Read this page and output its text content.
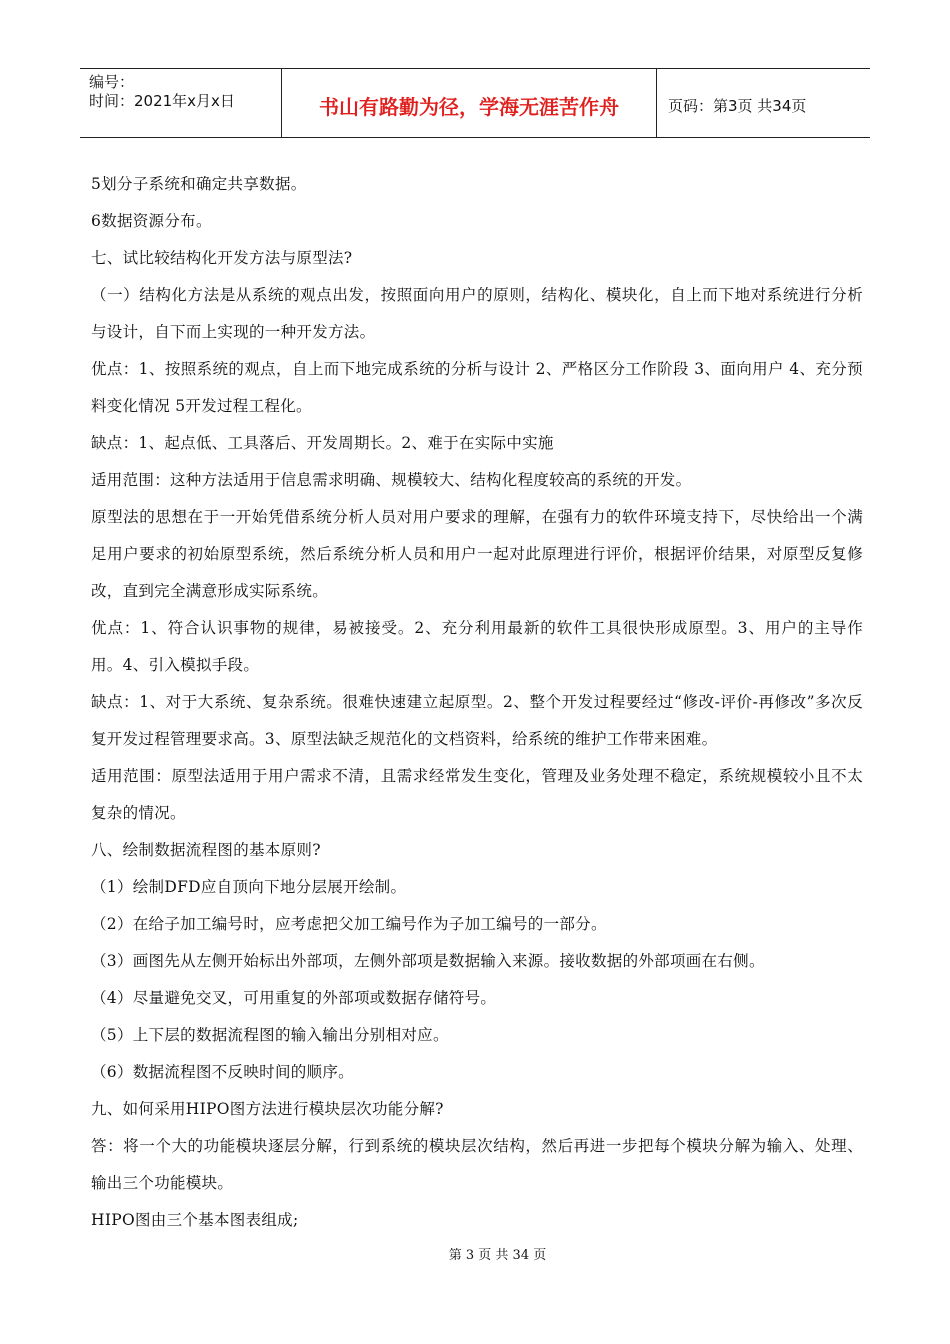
编号：
时间：2021年x月x日	书山有路勤为径，学海无涯苦作舟	页码：第3页 共34页

5划分子系统和确定共享数据。

6数据资源分布。

七、试比较结构化开发方法与原型法?

（一）结构化方法是从系统的观点出发，按照面向用户的原则，结构化、模块化，自上而下地对系统进行分析与设计，自下而上实现的一种开发方法。

优点：1、按照系统的观点，自上而下地完成系统的分析与设计 2、严格区分工作阶段 3、面向用户 4、充分预料变化情况 5开发过程工程化。

缺点：1、起点低、工具落后、开发周期长。2、难于在实际中实施

适用范围：这种方法适用于信息需求明确、规模较大、结构化程度较高的系统的开发。

原型法的思想在于一开始凭借系统分析人员对用户要求的理解，在强有力的软件环境支持下，尽快给出一个满足用户要求的初始原型系统，然后系统分析人员和用户一起对此原理进行评价，根据评价结果，对原型反复修改，直到完全满意形成实际系统。

优点：1、符合认识事物的规律，易被接受。2、充分利用最新的软件工具很快形成原型。3、用户的主导作用。4、引入模拟手段。

缺点：1、对于大系统、复杂系统。很难快速建立起原型。2、整个开发过程要经过“修改-评价-再修改”多次反复开发过程管理要求高。3、原型法缺乏规范化的文档资料，给系统的维护工作带来困难。

适用范围：原型法适用于用户需求不清，且需求经常发生变化，管理及业务处理不稳定，系统规模较小且不太复杂的情况。

八、绘制数据流程图的基本原则?

（1）绘制DFD应自顶向下地分层展开绘制。

（2）在给子加工编号时，应考虑把父加工编号作为子加工编号的一部分。

（3）画图先从左侧开始标出外部项，左侧外部项是数据输入来源。接收数据的外部项画在右侧。

（4）尽量避免交叉，可用重复的外部项或数据存储符号。

（5）上下层的数据流程图的输入输出分别相对应。

（6）数据流程图不反映时间的顺序。

九、如何采用HIPO图方法进行模块层次功能分解?

答：将一个大的功能模块逐层分解，行到系统的模块层次结构，然后再进一步把每个模块分解为输入、处理、输出三个功能模块。

HIPO图由三个基本图表组成;

第 3 页 共 34 页
